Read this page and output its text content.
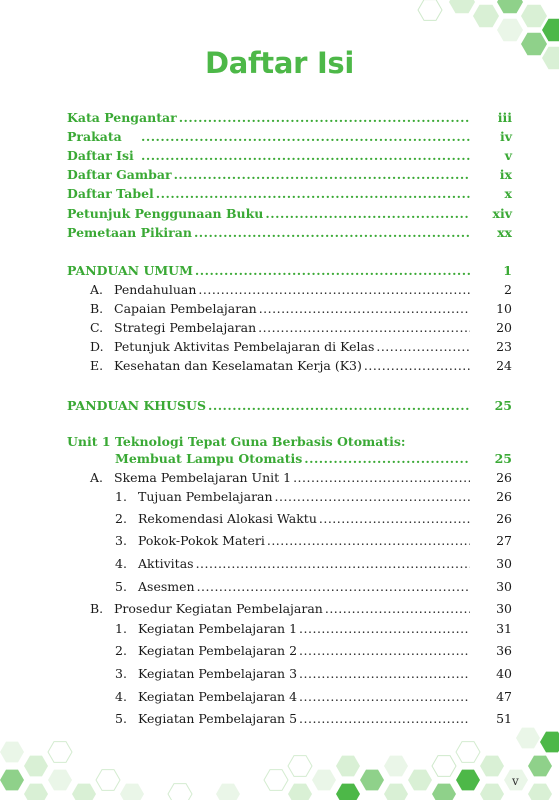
Daftar Isi
Kata Pengantar .....	iii
Prakata .....	iv
Daftar Isi .....	v
Daftar Gambar .....	ix
Daftar Tabel .....	x
Petunjuk Penggunaan Buku .....	xiv
Pemetaan Pikiran .....	xx
PANDUAN UMUM .....	1
A. Pendahuluan .....	2
B. Capaian Pembelajaran .....	10
C. Strategi Pembelajaran .....	20
D. Petunjuk Aktivitas Pembelajaran di Kelas .....	23
E. Kesehatan dan Keselamatan Kerja (K3) .....	24
PANDUAN KHUSUS .....	25
Unit 1 Teknologi Tepat Guna Berbasis Otomatis:
Membuat Lampu Otomatis .....	25
A. Skema Pembelajaran Unit 1 .....	26
1. Tujuan Pembelajaran .....	26
2. Rekomendasi Alokasi Waktu .....	26
3. Pokok-Pokok Materi .....	27
4. Aktivitas .....	30
5. Asesmen .....	30
B. Prosedur Kegiatan Pembelajaran .....	30
1. Kegiatan Pembelajaran 1 .....	31
2. Kegiatan Pembelajaran 2 .....	36
3. Kegiatan Pembelajaran 3 .....	40
4. Kegiatan Pembelajaran 4 .....	47
5. Kegiatan Pembelajaran 5 .....	51
v
